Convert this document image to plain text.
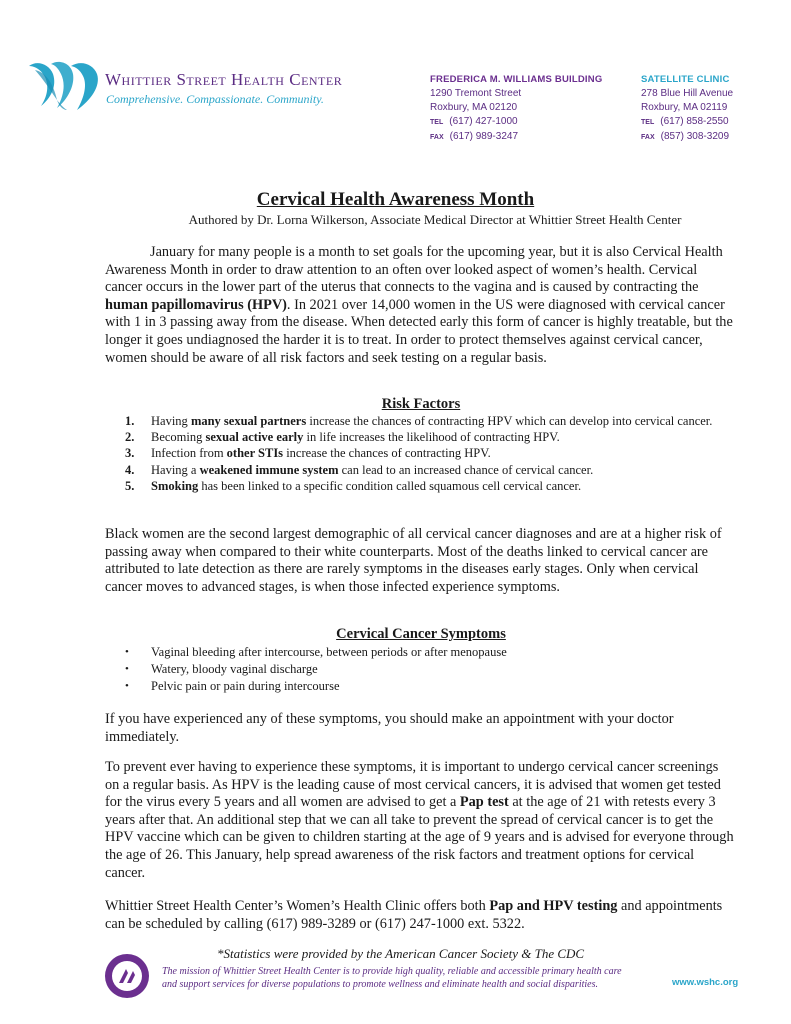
Whittier Street Health Center
Comprehensive. Compassionate. Community.
FREDERICA M. WILLIAMS BUILDING
1290 Tremont Street
Roxbury, MA 02120
TEL (617) 427-1000
FAX (617) 989-3247
SATELLITE CLINIC
278 Blue Hill Avenue
Roxbury, MA 02119
TEL (617) 858-2550
FAX (857) 308-3209
Cervical Health Awareness Month
Authored by Dr. Lorna Wilkerson, Associate Medical Director at Whittier Street Health Center
January for many people is a month to set goals for the upcoming year, but it is also Cervical Health Awareness Month in order to draw attention to an often over looked aspect of women’s health. Cervical cancer occurs in the lower part of the uterus that connects to the vagina and is caused by contracting the human papillomavirus (HPV). In 2021 over 14,000 women in the US were diagnosed with cervical cancer with 1 in 3 passing away from the disease. When detected early this form of cancer is highly treatable, but the longer it goes undiagnosed the harder it is to treat. In order to protect themselves against cervical cancer, women should be aware of all risk factors and seek testing on a regular basis.
Risk Factors
1.	Having many sexual partners increase the chances of contracting HPV which can develop into cervical cancer.
2.	Becoming sexual active early in life increases the likelihood of contracting HPV.
3.	Infection from other STIs increase the chances of contracting HPV.
4.	Having a weakened immune system can lead to an increased chance of cervical cancer.
5.	Smoking has been linked to a specific condition called squamous cell cervical cancer.
Black women are the second largest demographic of all cervical cancer diagnoses and are at a higher risk of passing away when compared to their white counterparts. Most of the deaths linked to cervical cancer are attributed to late detection as there are rarely symptoms in the diseases early stages. Only when cervical cancer moves to advanced stages, is when those infected experience symptoms.
Cervical Cancer Symptoms
•	Vaginal bleeding after intercourse, between periods or after menopause
•	Watery, bloody vaginal discharge
•	Pelvic pain or pain during intercourse
If you have experienced any of these symptoms, you should make an appointment with your doctor immediately.
To prevent ever having to experience these symptoms, it is important to undergo cervical cancer screenings on a regular basis. As HPV is the leading cause of most cervical cancers, it is advised that women get tested for the virus every 5 years and all women are advised to get a Pap test at the age of 21 with retests every 3 years after that. An additional step that we can all take to prevent the spread of cervical cancer is to get the HPV vaccine which can be given to children starting at the age of 9 years and is advised for everyone through the age of 26. This January, help spread awareness of the risk factors and treatment options for cervical cancer.
Whittier Street Health Center’s Women’s Health Clinic offers both Pap and HPV testing and appointments can be scheduled by calling (617) 989-3289 or (617) 247-1000 ext. 5322.
*Statistics were provided by the American Cancer Society & The CDC
The mission of Whittier Street Health Center is to provide high quality, reliable and accessible primary health care and support services for diverse populations to promote wellness and eliminate health and social disparities.	www.wshc.org
